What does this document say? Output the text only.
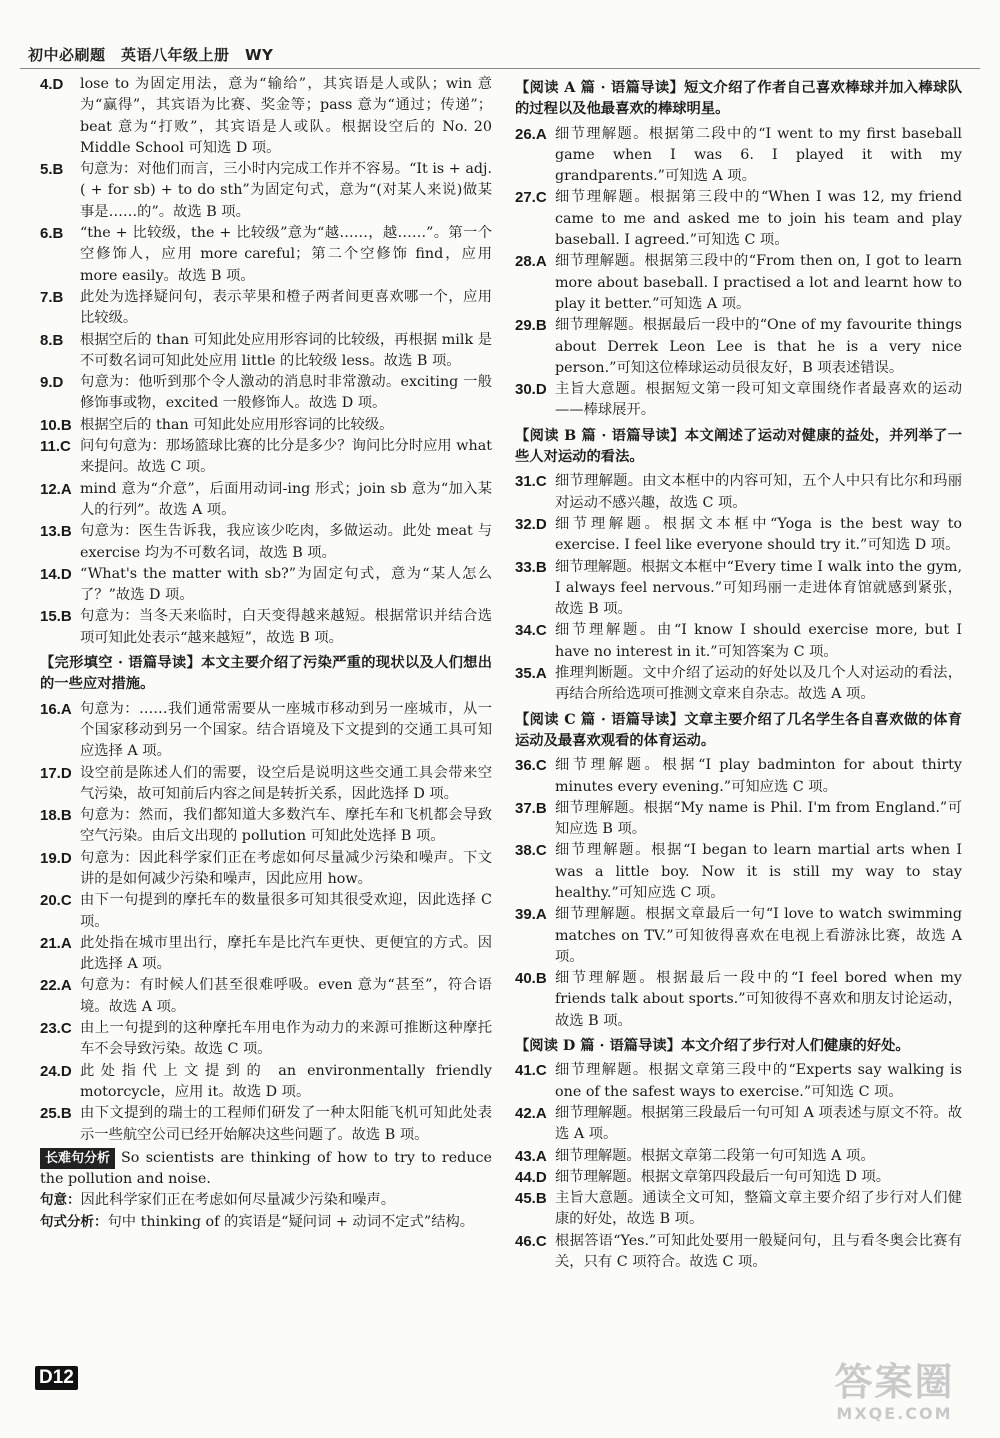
初中必刷题　英语八年级上册　WY
4.D	lose to 为固定用法，意为“输给”，其宾语是人或队；win 意为“赢得”，其宾语为比赛、奖金等；pass 意为“通过；传递”；beat 意为“打败”，其宾语是人或队。根据设空后的 No. 20 Middle School 可知选 D 项。
5.B	句意为：对他们而言，三小时内完成工作并不容易。“It is + adj. ( + for sb) + to do sth”为固定句式，意为“(对某人来说)做某事是……的”。故选 B 项。
6.B	“the + 比较级，the + 比较级”意为“越……，越……”。第一个空修饰人，应用 more careful；第二个空修饰 find，应用 more easily。故选 B 项。
7.B	此处为选择疑问句，表示苹果和橙子两者间更喜欢哪一个，应用比较级。
8.B	根据空后的 than 可知此处应用形容词的比较级，再根据 milk 是不可数名词可知此处应用 little 的比较级 less。故选 B 项。
9.D	句意为：他听到那个令人激动的消息时非常激动。exciting 一般修饰事或物，excited 一般修饰人。故选 D 项。
10.B 根据空后的 than 可知此处应用形容词的比较级。
11.C 问句句意为：那场篮球比赛的比分是多少？询问比分时应用 what 来提问。故选 C 项。
12.A mind 意为“介意”，后面用动词-ing 形式；join sb 意为“加入某人的行列”。故选 A 项。
13.B 句意为：医生告诉我，我应该少吃肉，多做运动。此处 meat 与 exercise 均为不可数名词，故选 B 项。
14.D “What's the matter with sb?”为固定句式，意为“某人怎么了？”故选 D 项。
15.B 句意为：当冬天来临时，白天变得越来越短。根据常识并结合选项可知此处表示“越来越短”，故选 B 项。
【完形填空 · 语篇导读】本文主要介绍了污染严重的现状以及人们想出的一些应对措施。
16.A 句意为：……我们通常需要从一座城市移动到另一座城市，从一个国家移动到另一个国家。结合语境及下文提到的交通工具可知应选择 A 项。
17.D 设空前是陈述人们的需要，设空后是说明这些交通工具会带来空气污染，故可知前后内容之间是转折关系，因此选择 D 项。
18.B 句意为：然而，我们都知道大多数汽车、摩托车和飞机都会导致空气污染。由后文出现的 pollution 可知此处选择 B 项。
19.D 句意为：因此科学家们正在考虑如何尽量减少污染和噪声。下文讲的是如何减少污染和噪声，因此应用 how。
20.C 由下一句提到的摩托车的数量很多可知其很受欢迎，因此选择 C 项。
21.A 此处指在城市里出行，摩托车是比汽车更快、更便宜的方式。因此选择 A 项。
22.A 句意为：有时候人们甚至很难呼吸。even 意为“甚至”，符合语境。故选 A 项。
23.C 由上一句提到的这种摩托车用电作为动力的来源可推断这种摩托车不会导致污染。故选 C 项。
24.D 此处指代上文提到的 an environmentally friendly motorcycle，应用 it。故选 D 项。
25.B 由下文提到的瑞士的工程师们研发了一种太阳能飞机可知此处表示一些航空公司已经开始解决这些问题了。故选 B 项。
长难句分析 So scientists are thinking of how to try to reduce the pollution and noise.
句意：因此科学家们正在考虑如何尽量减少污染和噪声。
句式分析：句中 thinking of 的宾语是“疑问词 + 动词不定式”结构。
【阅读 A 篇 · 语篇导读】短文介绍了作者自己喜欢棒球并加入棒球队的过程以及他最喜欢的棒球明星。
26.A 细节理解题。根据第二段中的“I went to my first baseball game when I was 6. I played it with my grandparents.”可知选 A 项。
27.C 细节理解题。根据第三段中的“When I was 12, my friend came to me and asked me to join his team and play baseball. I agreed.”可知选 C 项。
28.A 细节理解题。根据第三段中的“From then on, I got to learn more about baseball. I practised a lot and learnt how to play it better.”可知选 A 项。
29.B 细节理解题。根据最后一段中的“One of my favourite things about Derrek Leon Lee is that he is a very nice person.”可知这位棒球运动员很友好，B 项表述错误。
30.D 主旨大意题。根据短文第一段可知文章围绕作者最喜欢的运动——棒球展开。
【阅读 B 篇 · 语篇导读】本文阐述了运动对健康的益处，并列举了一些人对运动的看法。
31.C 细节理解题。由文本框中的内容可知，五个人中只有比尔和玛丽对运动不感兴趣，故选 C 项。
32.D 细节理解题。根据文本框中“Yoga is the best way to exercise. I feel like everyone should try it.”可知选 D 项。
33.B 细节理解题。根据文本框中“Every time I walk into the gym, I always feel nervous.”可知玛丽一走进体育馆就感到紧张，故选 B 项。
34.C 细节理解题。由“I know I should exercise more, but I have no interest in it.”可知答案为 C 项。
35.A 推理判断题。文中介绍了运动的好处以及几个人对运动的看法，再结合所给选项可推测文章来自杂志。故选 A 项。
【阅读 C 篇 · 语篇导读】文章主要介绍了几名学生各自喜欢做的体育运动及最喜欢观看的体育运动。
36.C 细节理解题。根据“I play badminton for about thirty minutes every evening.”可知应选 C 项。
37.B 细节理解题。根据“My name is Phil. I'm from England.”可知应选 B 项。
38.C 细节理解题。根据“I began to learn martial arts when I was a little boy. Now it is still my way to stay healthy.”可知应选 C 项。
39.A 细节理解题。根据文章最后一句“I love to watch swimming matches on TV.”可知彼得喜欢在电视上看游泳比赛，故选 A 项。
40.B 细节理解题。根据最后一段中的“I feel bored when my friends talk about sports.”可知彼得不喜欢和朋友讨论运动，故选 B 项。
【阅读 D 篇 · 语篇导读】本文介绍了步行对人们健康的好处。
41.C 细节理解题。根据文章第三段中的“Experts say walking is one of the safest ways to exercise.”可知选 C 项。
42.A 细节理解题。根据第三段最后一句可知 A 项表述与原文不符。故选 A 项。
43.A 细节理解题。根据文章第二段第一句可知选 A 项。
44.D 细节理解题。根据文章第四段最后一句可知选 D 项。
45.B 主旨大意题。通读全文可知，整篇文章主要介绍了步行对人们健康的好处，故选 B 项。
46.C 根据答语“Yes.”可知此处要用一般疑问句，且与看冬奥会比赛有关，只有 C 项符合。故选 C 项。
D12	答案圈
MXQE.COM
